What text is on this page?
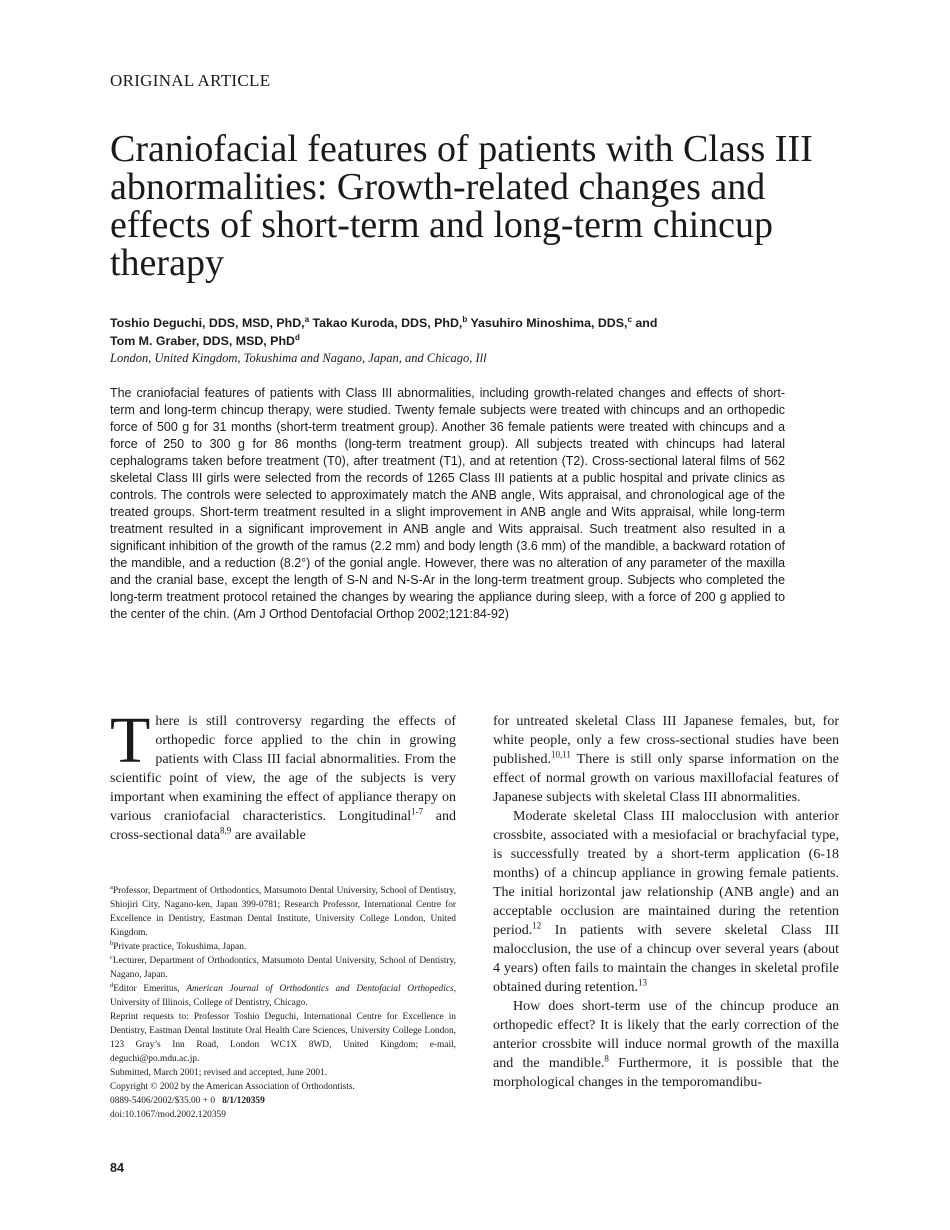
ORIGINAL ARTICLE
Craniofacial features of patients with Class III abnormalities: Growth-related changes and effects of short-term and long-term chincup therapy
Toshio Deguchi, DDS, MSD, PhD,$^a$ Takao Kuroda, DDS, PhD,$^b$ Yasuhiro Minoshima, DDS,$^c$ and
Tom M. Graber, DDS, MSD, PhD$^d$
London, United Kingdom, Tokushima and Nagano, Japan, and Chicago, Ill

The craniofacial features of patients with Class III abnormalities, including growth-related changes and effects of short-term and long-term chincup therapy, were studied. Twenty female subjects were treated with chincups and an orthopedic force of 500 g for 31 months (short-term treatment group). Another 36 female patients were treated with chincups and a force of 250 to 300 g for 86 months (long-term treatment group). All subjects treated with chincups had lateral cephalograms taken before treatment (T0), after treatment (T1), and at retention (T2). Cross-sectional lateral films of 562 skeletal Class III girls were selected from the records of 1265 Class III patients at a public hospital and private clinics as controls. The controls were selected to approximately match the ANB angle, Wits appraisal, and chronological age of the treated groups. Short-term treatment resulted in a slight improvement in ANB angle and Wits appraisal, while long-term treatment resulted in a significant improvement in ANB angle and Wits appraisal. Such treatment also resulted in a significant inhibition of the growth of the ramus (2.2 mm) and body length (3.6 mm) of the mandible, a backward rotation of the mandible, and a reduction (8.2°) of the gonial angle. However, there was no alteration of any parameter of the maxilla and the cranial base, except the length of S-N and N-S-Ar in the long-term treatment group. Subjects who completed the long-term treatment protocol retained the changes by wearing the appliance during sleep, with a force of 200 g applied to the center of the chin. (Am J Orthod Dentofacial Orthop 2002;121:84-92)

There is still controversy regarding the effects of orthopedic force applied to the chin in growing patients with Class III facial abnormalities. From the scientific point of view, the age of the subjects is very important when examining the effect of appliance therapy on various craniofacial characteristics. Longitudinal$^{1-7}$ and cross-sectional data$^{8,9}$ are available

$^a$Professor, Department of Orthodontics, Matsumoto Dental University, School of Dentistry, Shiojiri City, Nagano-ken, Japan 399-0781; Research Professor, International Centre for Excellence in Dentistry, Eastman Dental Institute, University College London, United Kingdom.
$^b$Private practice, Tokushima, Japan.
$^c$Lecturer, Department of Orthodontics, Matsumoto Dental University, School of Dentistry, Nagano, Japan.
$^d$Editor Emeritus, American Journal of Orthodontics and Dentofacial Orthopedics, University of Illinois, College of Dentistry, Chicago.
Reprint requests to: Professor Toshio Deguchi, International Centre for Excellence in Dentistry, Eastman Dental Institute Oral Health Care Sciences, University College London, 123 Gray’s Inn Road, London WC1X 8WD, United Kingdom; e-mail, deguchi@po.mdu.ac.jp.
Submitted, March 2001; revised and accepted, June 2001.
Copyright © 2002 by the American Association of Orthodontists.
0889-5406/2002/$35.00 + 0 8/1/120359
doi:10.1067/mod.2002.120359
84

for untreated skeletal Class III Japanese females, but, for white people, only a few cross-sectional studies have been published.$^{10,11}$ There is still only sparse information on the effect of normal growth on various maxillofacial features of Japanese subjects with skeletal Class III abnormalities.

Moderate skeletal Class III malocclusion with anterior crossbite, associated with a mesiofacial or brachyfacial type, is successfully treated by a short-term application (6-18 months) of a chincup appliance in growing female patients. The initial horizontal jaw relationship (ANB angle) and an acceptable occlusion are maintained during the retention period.$^{12}$ In patients with severe skeletal Class III malocclusion, the use of a chincup over several years (about 4 years) often fails to maintain the changes in skeletal profile obtained during retention.$^{13}$

How does short-term use of the chincup produce an orthopedic effect? It is likely that the early correction of the anterior crossbite will induce normal growth of the maxilla and the mandible.$^8$ Furthermore, it is possible that the morphological changes in the temporomandibu-
